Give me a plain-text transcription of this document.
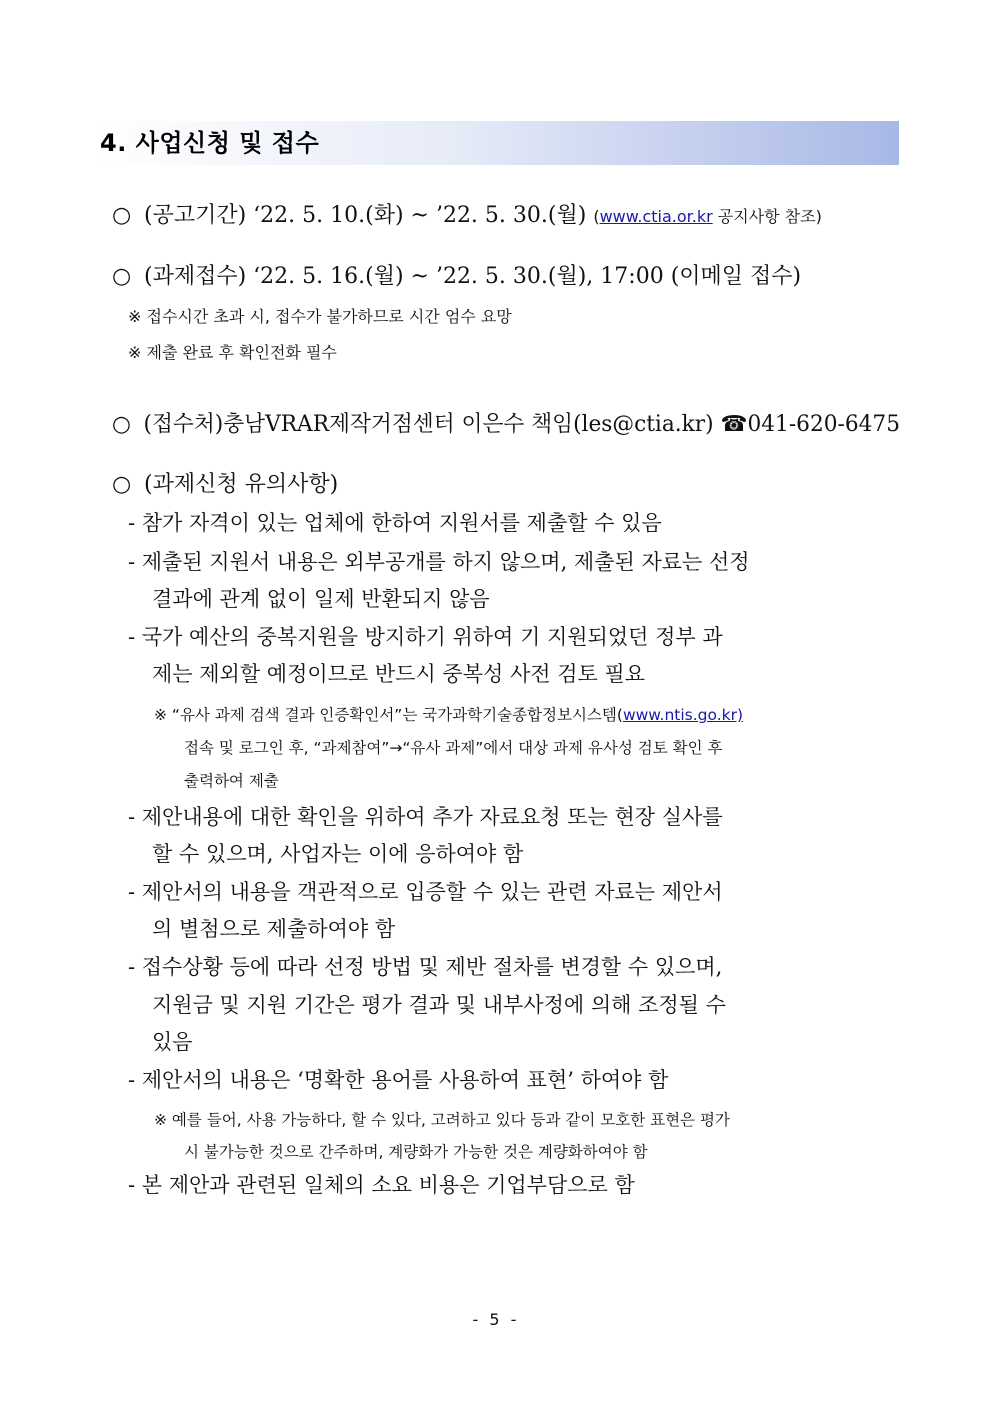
4. 사업신청 및 접수
○ (공고기간) ‘22. 5. 10.(화) ~ ’22. 5. 30.(월) (www.ctia.or.kr 공지사항 참조)
○ (과제접수) ‘22. 5. 16.(월) ~ ’22. 5. 30.(월), 17:00 (이메일 접수)
※ 접수시간 초과 시, 접수가 불가하므로 시간 엄수 요망
※ 제출 완료 후 확인전화 필수
○ (접수처)충남VRAR제작거점센터 이은수 책임(les@ctia.kr) ☎041-620-6475
○ (과제신청 유의사항)
- 참가 자격이 있는 업체에 한하여 지원서를 제출할 수 있음
- 제출된 지원서 내용은 외부공개를 하지 않으며, 제출된 자료는 선정
결과에 관계 없이 일제 반환되지 않음
- 국가 예산의 중복지원을 방지하기 위하여 기 지원되었던 정부 과
제는 제외할 예정이므로 반드시 중복성 사전 검토 필요
※ “유사 과제 검색 결과 인증확인서”는 국가과학기술종합정보시스템(www.ntis.go.kr)
접속 및 로그인 후, “과제참여”→“유사 과제”에서 대상 과제 유사성 검토 확인 후
출력하여 제출
- 제안내용에 대한 확인을 위하여 추가 자료요청 또는 현장 실사를
할 수 있으며, 사업자는 이에 응하여야 함
- 제안서의 내용을 객관적으로 입증할 수 있는 관련 자료는 제안서
의 별첨으로 제출하여야 함
- 접수상황 등에 따라 선정 방법 및 제반 절차를 변경할 수 있으며,
지원금 및 지원 기간은 평가 결과 및 내부사정에 의해 조정될 수
있음
- 제안서의 내용은 ‘명확한 용어를 사용하여 표현’ 하여야 함
※ 예를 들어, 사용 가능하다, 할 수 있다, 고려하고 있다 등과 같이 모호한 표현은 평가
시 불가능한 것으로 간주하며, 계량화가 가능한 것은 계량화하여야 함
- 본 제안과 관련된 일체의 소요 비용은 기업부담으로 함
- 5 -
